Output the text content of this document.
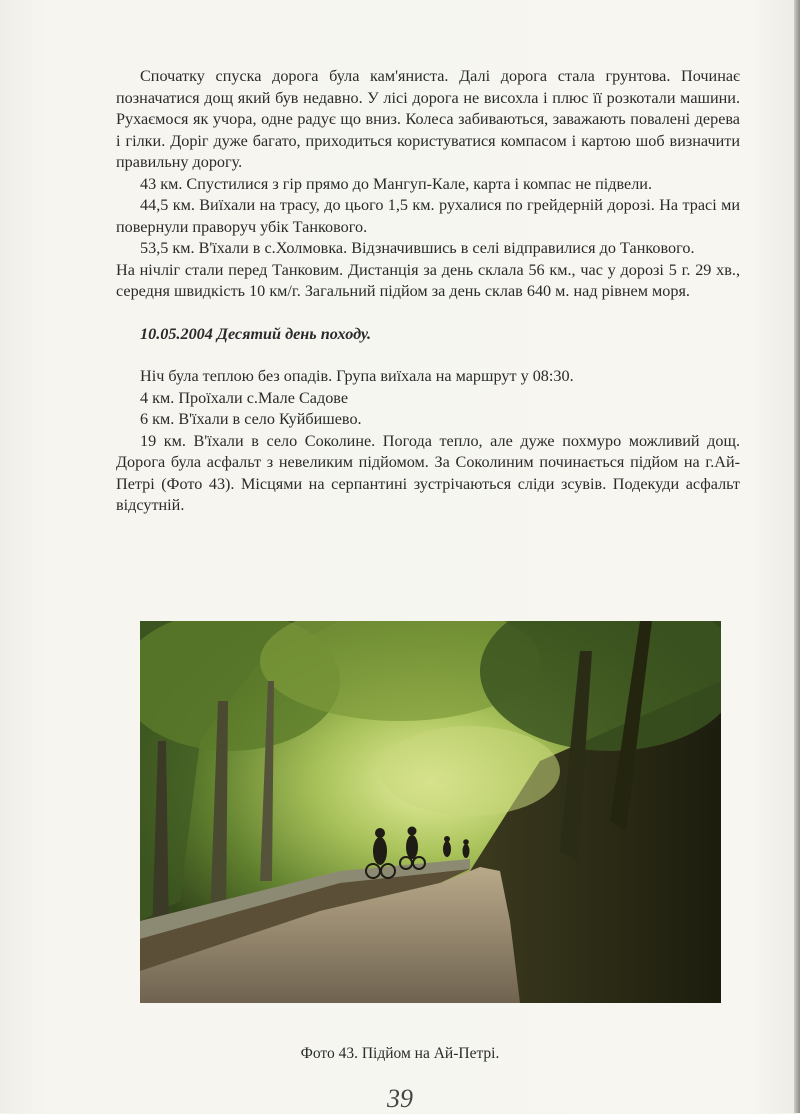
Спочатку спуска дорога була кам'яниста. Далі дорога стала грунтова. Починає позначатися дощ який був недавно. У лісі дорога не висохла і плюс її розкотали машини. Рухаємося як учора, одне радує що вниз. Колеса забиваються, заважають повалені дерева і гілки. Доріг дуже багато, приходиться користуватися компасом і картою шоб визначити правильну дорогу.

43 км. Спустилися з гір прямо до Мангуп-Кале, карта і компас не підвели.

44,5 км. Виїхали на трасу, до цього 1,5 км. рухалися по грейдерній дорозі. На трасі ми повернули праворуч убік Танкового.

53,5 км. В'їхали в с.Холмовка. Відзначившись в селі відправилися до Танкового.

На нічліг стали перед Танковим. Дистанція за день склала 56 км., час у дорозі 5 г. 29 хв., середня швидкість 10 км/г. Загальний підйом за день склав 640 м. над рівнем моря.

10.05.2004 Десятий день походу.

Ніч була теплою без опадів. Група виїхала на маршрут у 08:30.

4 км. Проїхали с.Мале Садове

6 км. В'їхали в село Куйбишево.

19 км. В'їхали в село Соколине. Погода тепло, але дуже похмуро можливий дощ. Дорога була асфальт з невеликим підйомом. За Соколиним починається підйом на г.Ай-Петрі (Фото 43). Місцями на серпантині зустрічаються сліди зсувів. Подекуди асфальт відсутній.

Фото 43. Підйом на Ай-Петрі.
39
